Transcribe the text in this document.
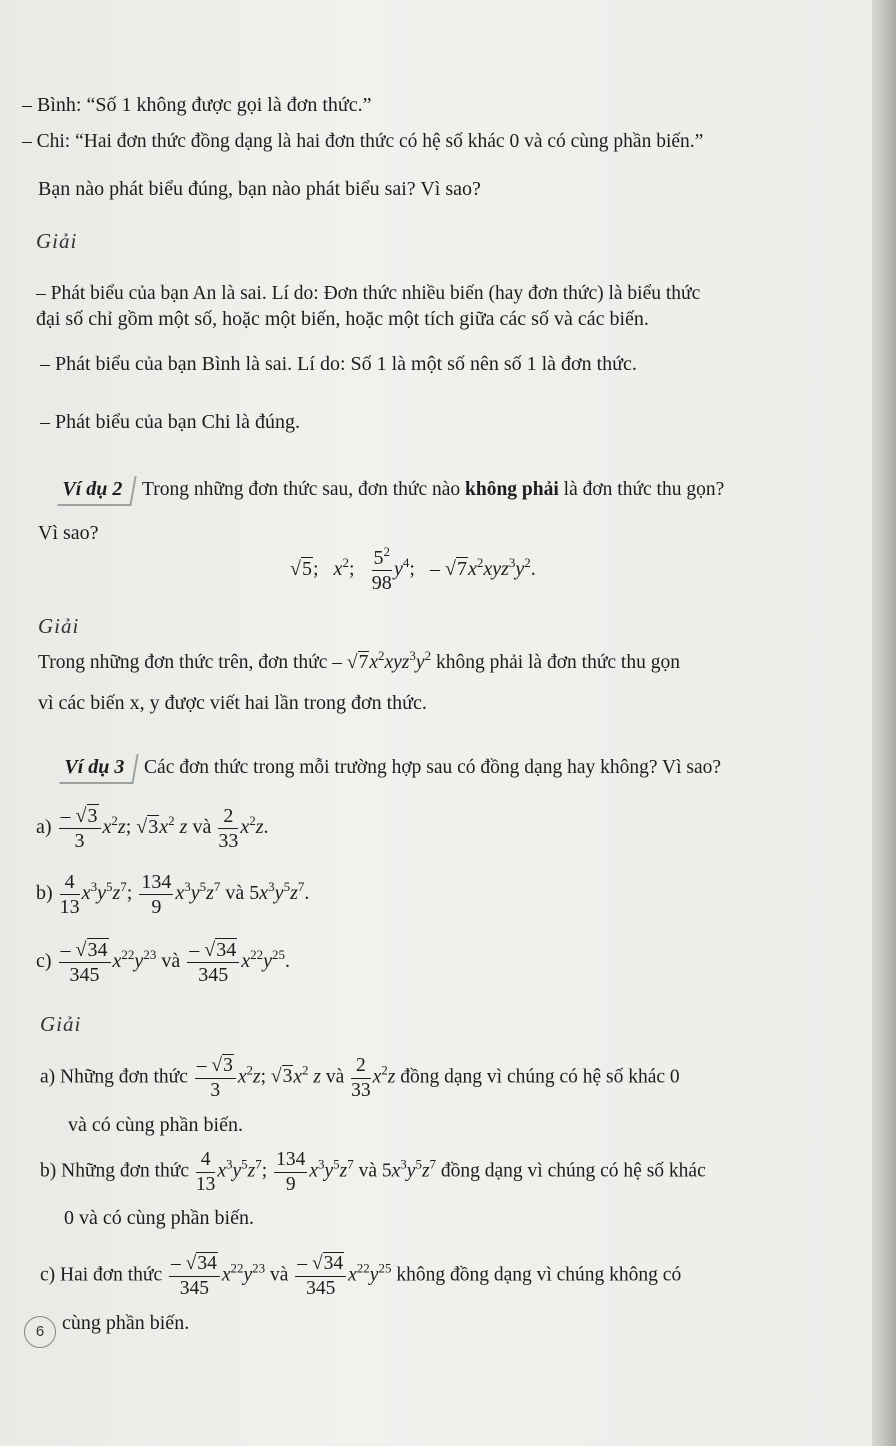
– Bình: “Số 1 không được gọi là đơn thức.”
– Chi: “Hai đơn thức đồng dạng là hai đơn thức có hệ số khác 0 và có cùng phần biến.”
Bạn nào phát biểu đúng, bạn nào phát biểu sai? Vì sao?
Giải
– Phát biểu của bạn An là sai. Lí do: Đơn thức nhiều biến (hay đơn thức) là biểu thức
đại số chỉ gồm một số, hoặc một biến, hoặc một tích giữa các số và các biến.
– Phát biểu của bạn Bình là sai. Lí do: Số 1 là một số nên số 1 là đơn thức.
– Phát biểu của bạn Chi là đúng.
Ví dụ 2 Trong những đơn thức sau, đơn thức nào không phải là đơn thức thu gọn?
Vì sao?
√5;   $x^2$; $\frac{5^2}{98} y^4$;   – $√7x^2xyz^3y^2$.
Giải
Trong những đơn thức trên, đơn thức – $√7x^2xyz^3y^2$ không phải là đơn thức thu gọn
vì các biến x, y được viết hai lần trong đơn thức.
Ví dụ 3 Các đơn thức trong mỗi trường hợp sau có đồng dạng hay không? Vì sao?
$a) \frac{- √3}{3} x^2z$; $√3x^2$ z và $\frac{2}{33} x^2z$.
$b) \frac{4}{13} x^3y^5z^7$; $\frac{134}{9} x^3y^5z^7$ và $5x^3y^5z^7$.
$c) \frac{- √34}{345} x^{22}y^{23}$ và $\frac{- √34}{345} x^{22}y^{25}$.
Giải
a) Những đơn thức $\frac{- √3}{3} x^2z$; $√3x^2$ z và $\frac{2}{33} x^2z$ đồng dạng vì chúng có hệ số khác 0
và có cùng phần biến.
b) Những đơn thức $\frac{4}{13} x^3y^5z^7$; $\frac{134}{9} x^3y^5z^7$ và $5x^3y^5z^7$ đồng dạng vì chúng có hệ số khác
0 và có cùng phần biến.
c) Hai đơn thức $\frac{- √34}{345} x^{22}y^{23}$ và $\frac{- √34}{345} x^{22}y^{25}$ không đồng dạng vì chúng không có
cùng phần biến.
6
